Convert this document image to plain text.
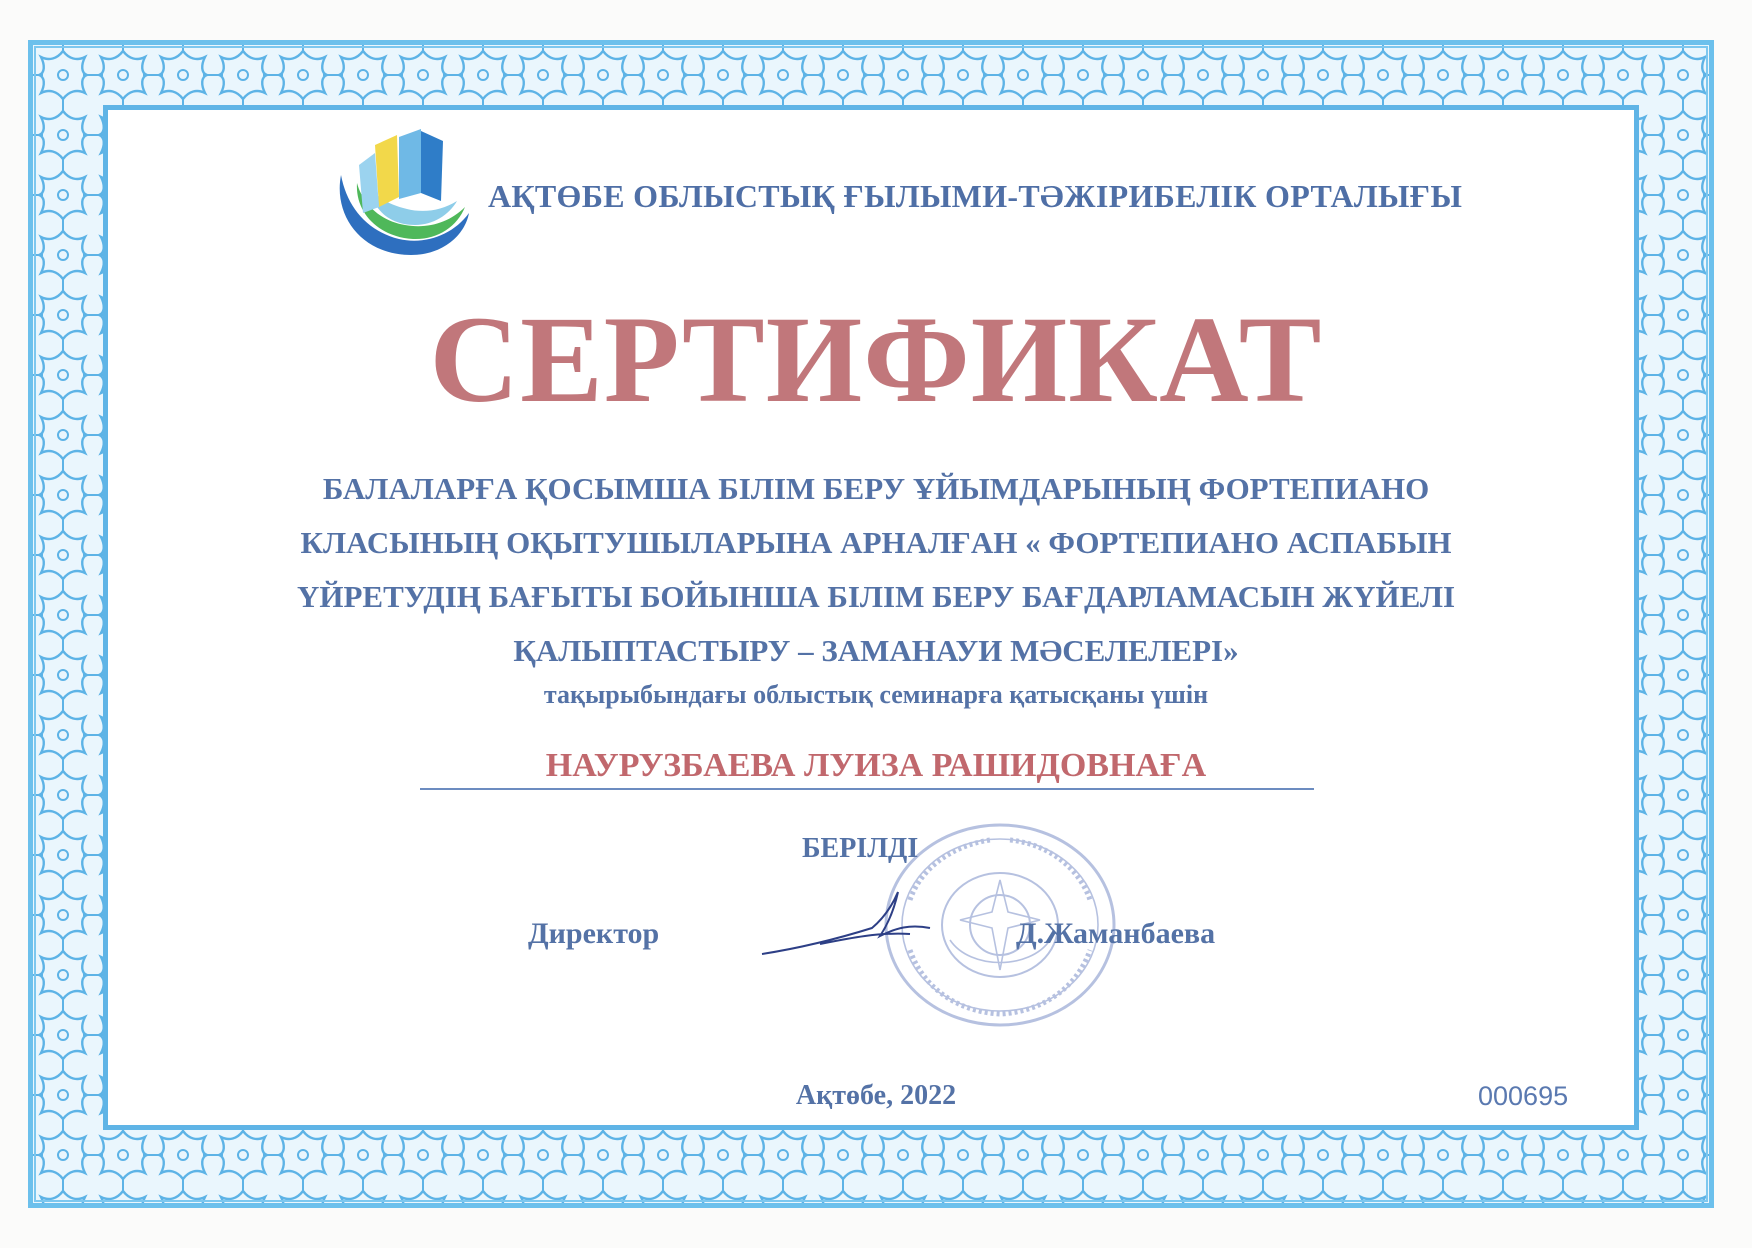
АҚТӨБЕ ОБЛЫСТЫҚ ҒЫЛЫМИ-ТӘЖІРИБЕЛІК ОРТАЛЫҒЫ
СЕРТИФИКАТ
БАЛАЛАРҒА ҚОСЫМША БІЛІМ БЕРУ ҰЙЫМДАРЫНЫҢ ФОРТЕПИАНО
КЛАСЫНЫҢ ОҚЫТУШЫЛАРЫНА АРНАЛҒАН « ФОРТЕПИАНО АСПАБЫН
ҮЙРЕТУДІҢ БАҒЫТЫ БОЙЫНША БІЛІМ БЕРУ БАҒДАРЛАМАСЫН ЖҮЙЕЛІ
ҚАЛЫПТАСТЫРУ – ЗАМАНАУИ МӘСЕЛЕЛЕРІ»
тақырыбындағы облыстық семинарға қатысқаны үшін
НАУРУЗБАЕВА ЛУИЗА РАШИДОВНАҒА
БЕРІЛДІ
Директор	Д.Жаманбаева
Ақтөбе, 2022	000695
